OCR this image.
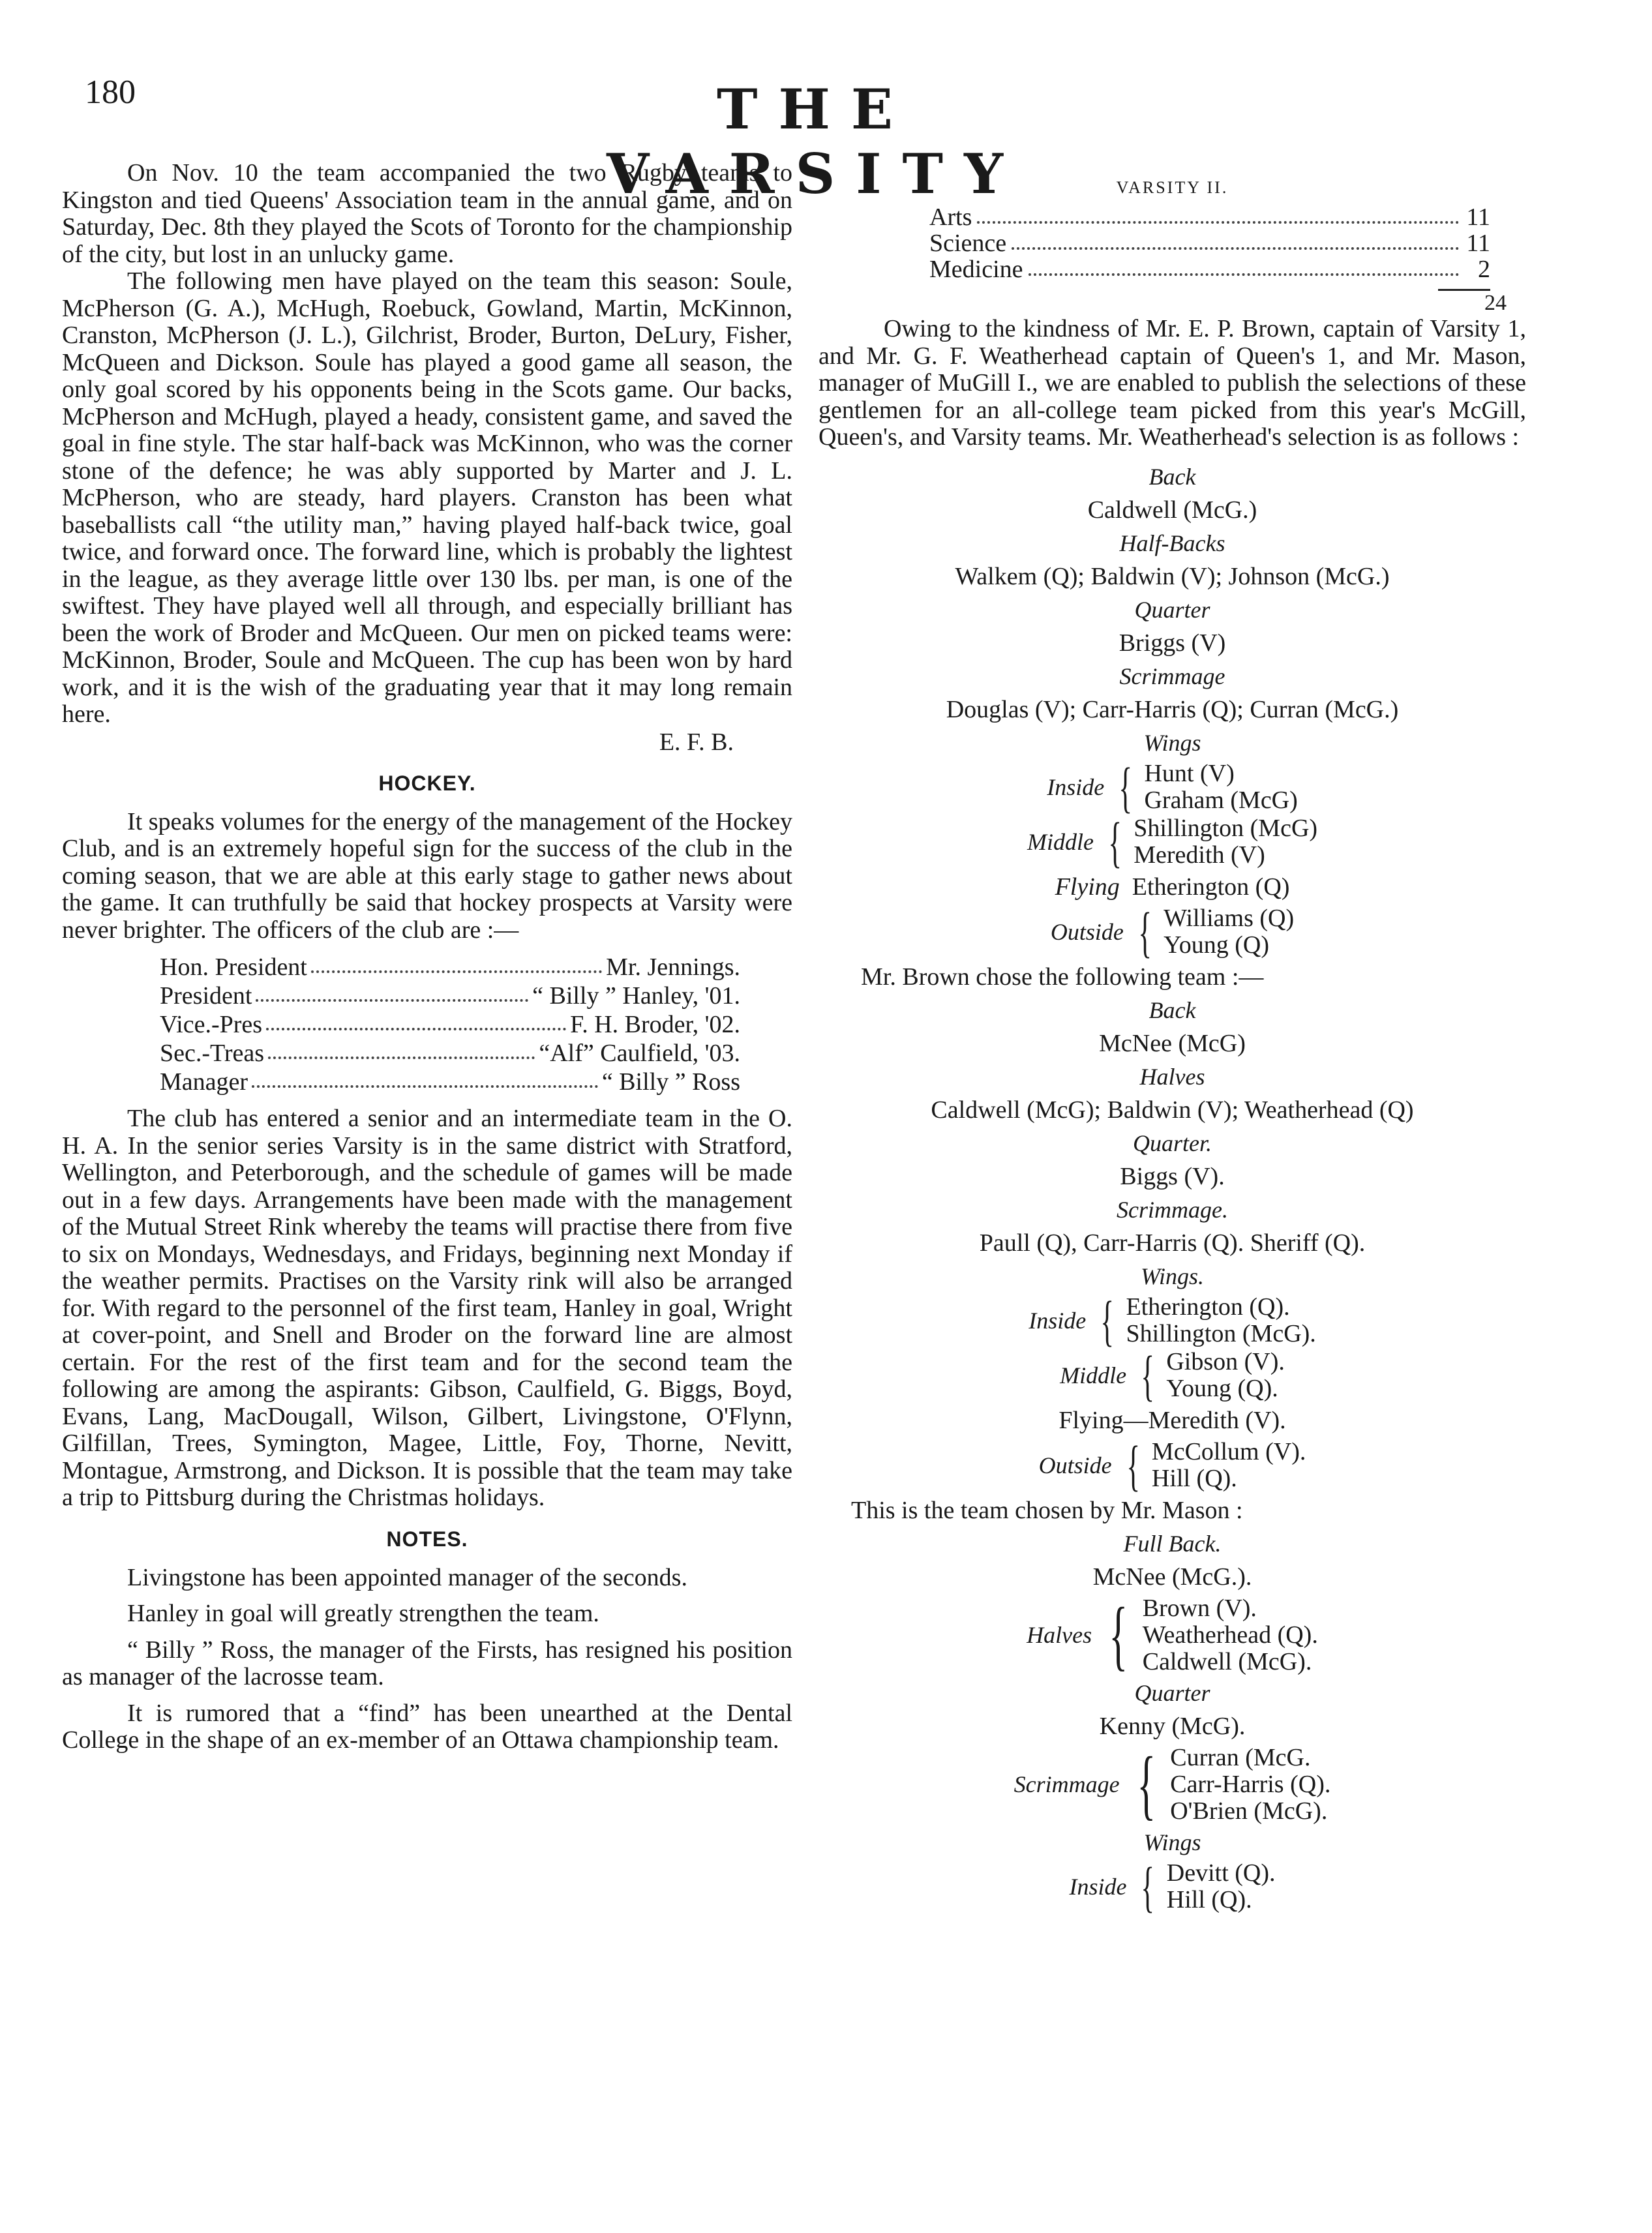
180	THE VARSITY

On Nov. 10 the team accompanied the two Rugby teams to Kingston and tied Queens' Association team in the annual game, and on Saturday, Dec. 8th they played the Scots of Toronto for the championship of the city, but lost in an unlucky game.

The following men have played on the team this season: Soule, McPherson (G. A.), McHugh, Roebuck, Gowland, Martin, McKinnon, Cranston, McPherson (J. L.), Gilchrist, Broder, Burton, DeLury, Fisher, McQueen and Dickson. Soule has played a good game all season, the only goal scored by his opponents being in the Scots game. Our backs, McPherson and McHugh, played a heady, consistent game, and saved the goal in fine style. The star half-back was McKinnon, who was the corner stone of the defence; he was ably supported by Marter and J. L. McPherson, who are steady, hard players. Cranston has been what baseballists call “the utility man,” having played half-back twice, goal twice, and forward once. The forward line, which is probably the lightest in the league, as they average little over 130 lbs. per man, is one of the swiftest. They have played well all through, and especially brilliant has been the work of Broder and McQueen. Our men on picked teams were: McKinnon, Broder, Soule and McQueen. The cup has been won by hard work, and it is the wish of the graduating year that it may long remain here.

E. F. B.
HOCKEY.

It speaks volumes for the energy of the management of the Hockey Club, and is an extremely hopeful sign for the success of the club in the coming season, that we are able at this early stage to gather news about the game. It can truthfully be said that hockey prospects at Varsity were never brighter. The officers of the club are :—

Hon. President	Mr. Jennings.
President	“ Billy ” Hanley, '01.
Vice.-Pres	F. H. Broder, '02.
Sec.-Treas	“Alf” Caulfield, '03.
Manager	“ Billy ” Ross

The club has entered a senior and an intermediate team in the O. H. A. In the senior series Varsity is in the same district with Stratford, Wellington, and Peterborough, and the schedule of games will be made out in a few days. Arrangements have been made with the management of the Mutual Street Rink whereby the teams will practise there from five to six on Mondays, Wednesdays, and Fridays, beginning next Monday if the weather permits. Practises on the Varsity rink will also be arranged for. With regard to the personnel of the first team, Hanley in goal, Wright at cover-point, and Snell and Broder on the forward line are almost certain. For the rest of the first team and for the second team the following are among the aspirants: Gibson, Caulfield, G. Biggs, Boyd, Evans, Lang, MacDougall, Wilson, Gilbert, Livingstone, O'Flynn, Gilfillan, Trees, Symington, Magee, Little, Foy, Thorne, Nevitt, Montague, Armstrong, and Dickson. It is possible that the team may take a trip to Pittsburg during the Christmas holidays.

NOTES.

Livingstone has been appointed manager of the seconds.

Hanley in goal will greatly strengthen the team.

“ Billy ” Ross, the manager of the Firsts, has resigned his position as manager of the lacrosse team.

It is rumored that a “find” has been unearthed at the Dental College in the shape of an ex-member of an Ottawa championship team.

VARSITY II.
Arts	11
Science	11
Medicine	2
24

Owing to the kindness of Mr. E. P. Brown, captain of Varsity 1, and Mr. G. F. Weatherhead captain of Queen's 1, and Mr. Mason, manager of MuGill I., we are enabled to publish the selections of these gentlemen for an all-college team picked from this year's McGill, Queen's, and Varsity teams. Mr. Weatherhead's selection is as follows :

Back
Caldwell (McG.)
Half-Backs
Walkem (Q); Baldwin (V); Johnson (McG.)
Quarter
Briggs (V)
Scrimmage
Douglas (V); Carr-Harris (Q); Curran (McG.)
Wings
Inside { Hunt (V)
Graham (McG)
Middle { Shillington (McG)
Meredith (V)
Flying Etherington (Q)
Outside { Williams (Q)
Young (Q)
Mr. Brown chose the following team :—
Back
McNee (McG)
Halves
Caldwell (McG); Baldwin (V); Weatherhead (Q)
Quarter.
Biggs (V).
Scrimmage.
Paull (Q), Carr-Harris (Q). Sheriff (Q).
Wings.
Inside { Etherington (Q).
Shillington (McG).
Middle { Gibson (V).
Young (Q).
Flying—Meredith (V).
Outside { McCollum (V).
Hill (Q).
This is the team chosen by Mr. Mason :
Full Back.
McNee (McG.).
Halves { Brown (V).
Weatherhead (Q).
Caldwell (McG).
Quarter
Kenny (McG).
Scrimmage { Curran (McG.
Carr-Harris (Q).
O'Brien (McG).
Wings
Inside { Devitt (Q).
Hill (Q).
